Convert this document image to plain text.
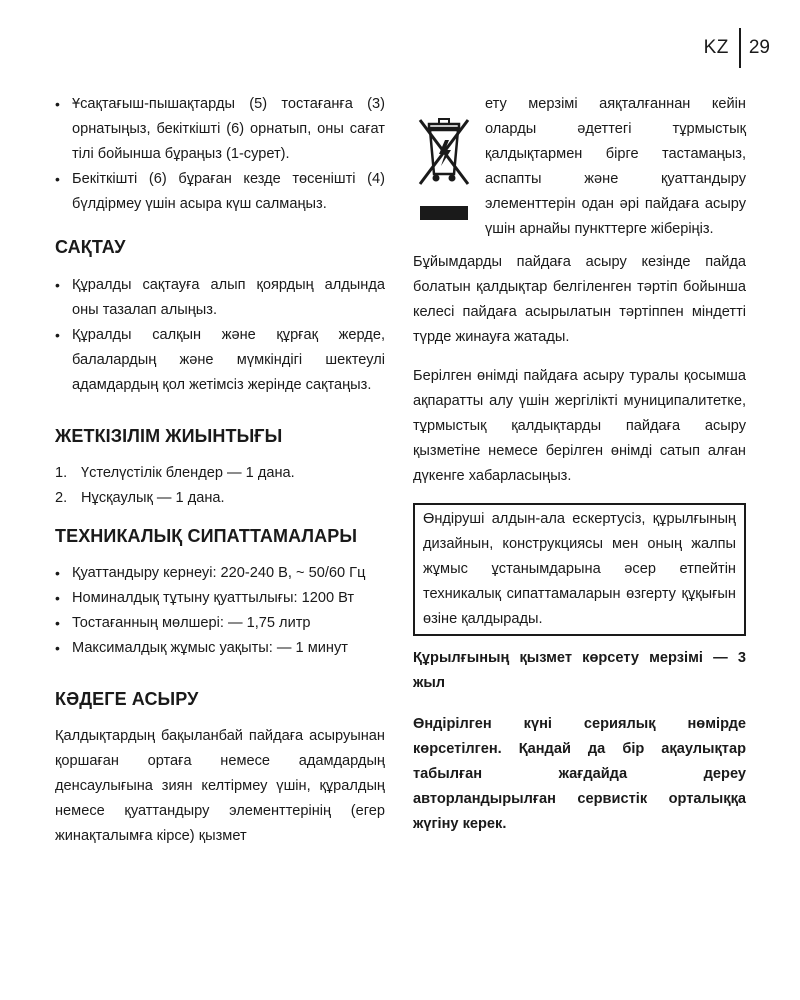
KZ	29
• Ұсақтағыш-пышақтарды (5) тостағанға (3) орнатыңыз, бекіткішті (6) орнатып, оны сағат тілі бойынша бұраңыз (1-сурет).
• Бекіткішті (6) бұраған кезде төсенішті (4) бүлдірмеу үшін асыра күш салмаңыз.
САҚТАУ
• Құралды сақтауға алып қоярдың алдында оны тазалап алыңыз.
• Құралды салқын және құрғақ жерде, балалардың және мүмкіндігі шектеулі адамдардың қол жетімсіз жерінде сақтаңыз.
ЖЕТКІЗІЛІМ ЖИЫНТЫҒЫ
1. Үстелүстілік блендер — 1 дана.
2. Нұсқаулық — 1 дана.
ТЕХНИКАЛЫҚ СИПАТТАМАЛАРЫ
• Қуаттандыру кернеуі: 220-240 В, ~ 50/60 Гц
• Номиналдық тұтыну қуаттылығы: 1200 Вт
• Тостағанның мөлшері: — 1,75 литр
• Максималдық жұмыс уақыты: — 1 минут
КӘДЕГЕ АСЫРУ

Қалдықтардың бақыланбай пайдаға асыруынан қоршаған ортаға немесе адамдардың денсаулығына зиян келтірмеу үшін, құралдың немесе қуаттандыру элементтерінің (егер жинақталымға кірсе) қызмет

ету мерзімі аяқталғаннан кейін оларды әдеттегі тұрмыстық қалдықтармен бірге тастамаңыз, аспапты және қуаттандыру элементтерін одан әрі пайдаға асыру үшін арнайы пункттерге жіберіңіз.

Бұйымдарды пайдаға асыру кезінде пайда болатын қалдықтар белгіленген тәртіп бойынша келесі пайдаға асырылатын тәртіппен міндетті түрде жинауға жатады.

Берілген өнімді пайдаға асыру туралы қосымша ақпаратты алу үшін жергілікті муниципалитетке, тұрмыстық қалдықтарды пайдаға асыру қызметіне немесе берілген өнімді сатып алған дүкенге хабарласыңыз.

Өндіруші алдын-ала ескертусіз, құрылғының дизайнын, конструкциясы мен оның жалпы жұмыс ұстанымдарына әсер етпейтін техникалық сипаттамаларын өзгерту құқығын өзіне қалдырады.

Құрылғының қызмет көрсету мерзімі — 3 жыл

Өндірілген күні сериялық нөмірде көрсетілген. Қандай да бір ақаулықтар табылған жағдайда дереу авторландырылған сервистік орталыққа жүгіну керек.
